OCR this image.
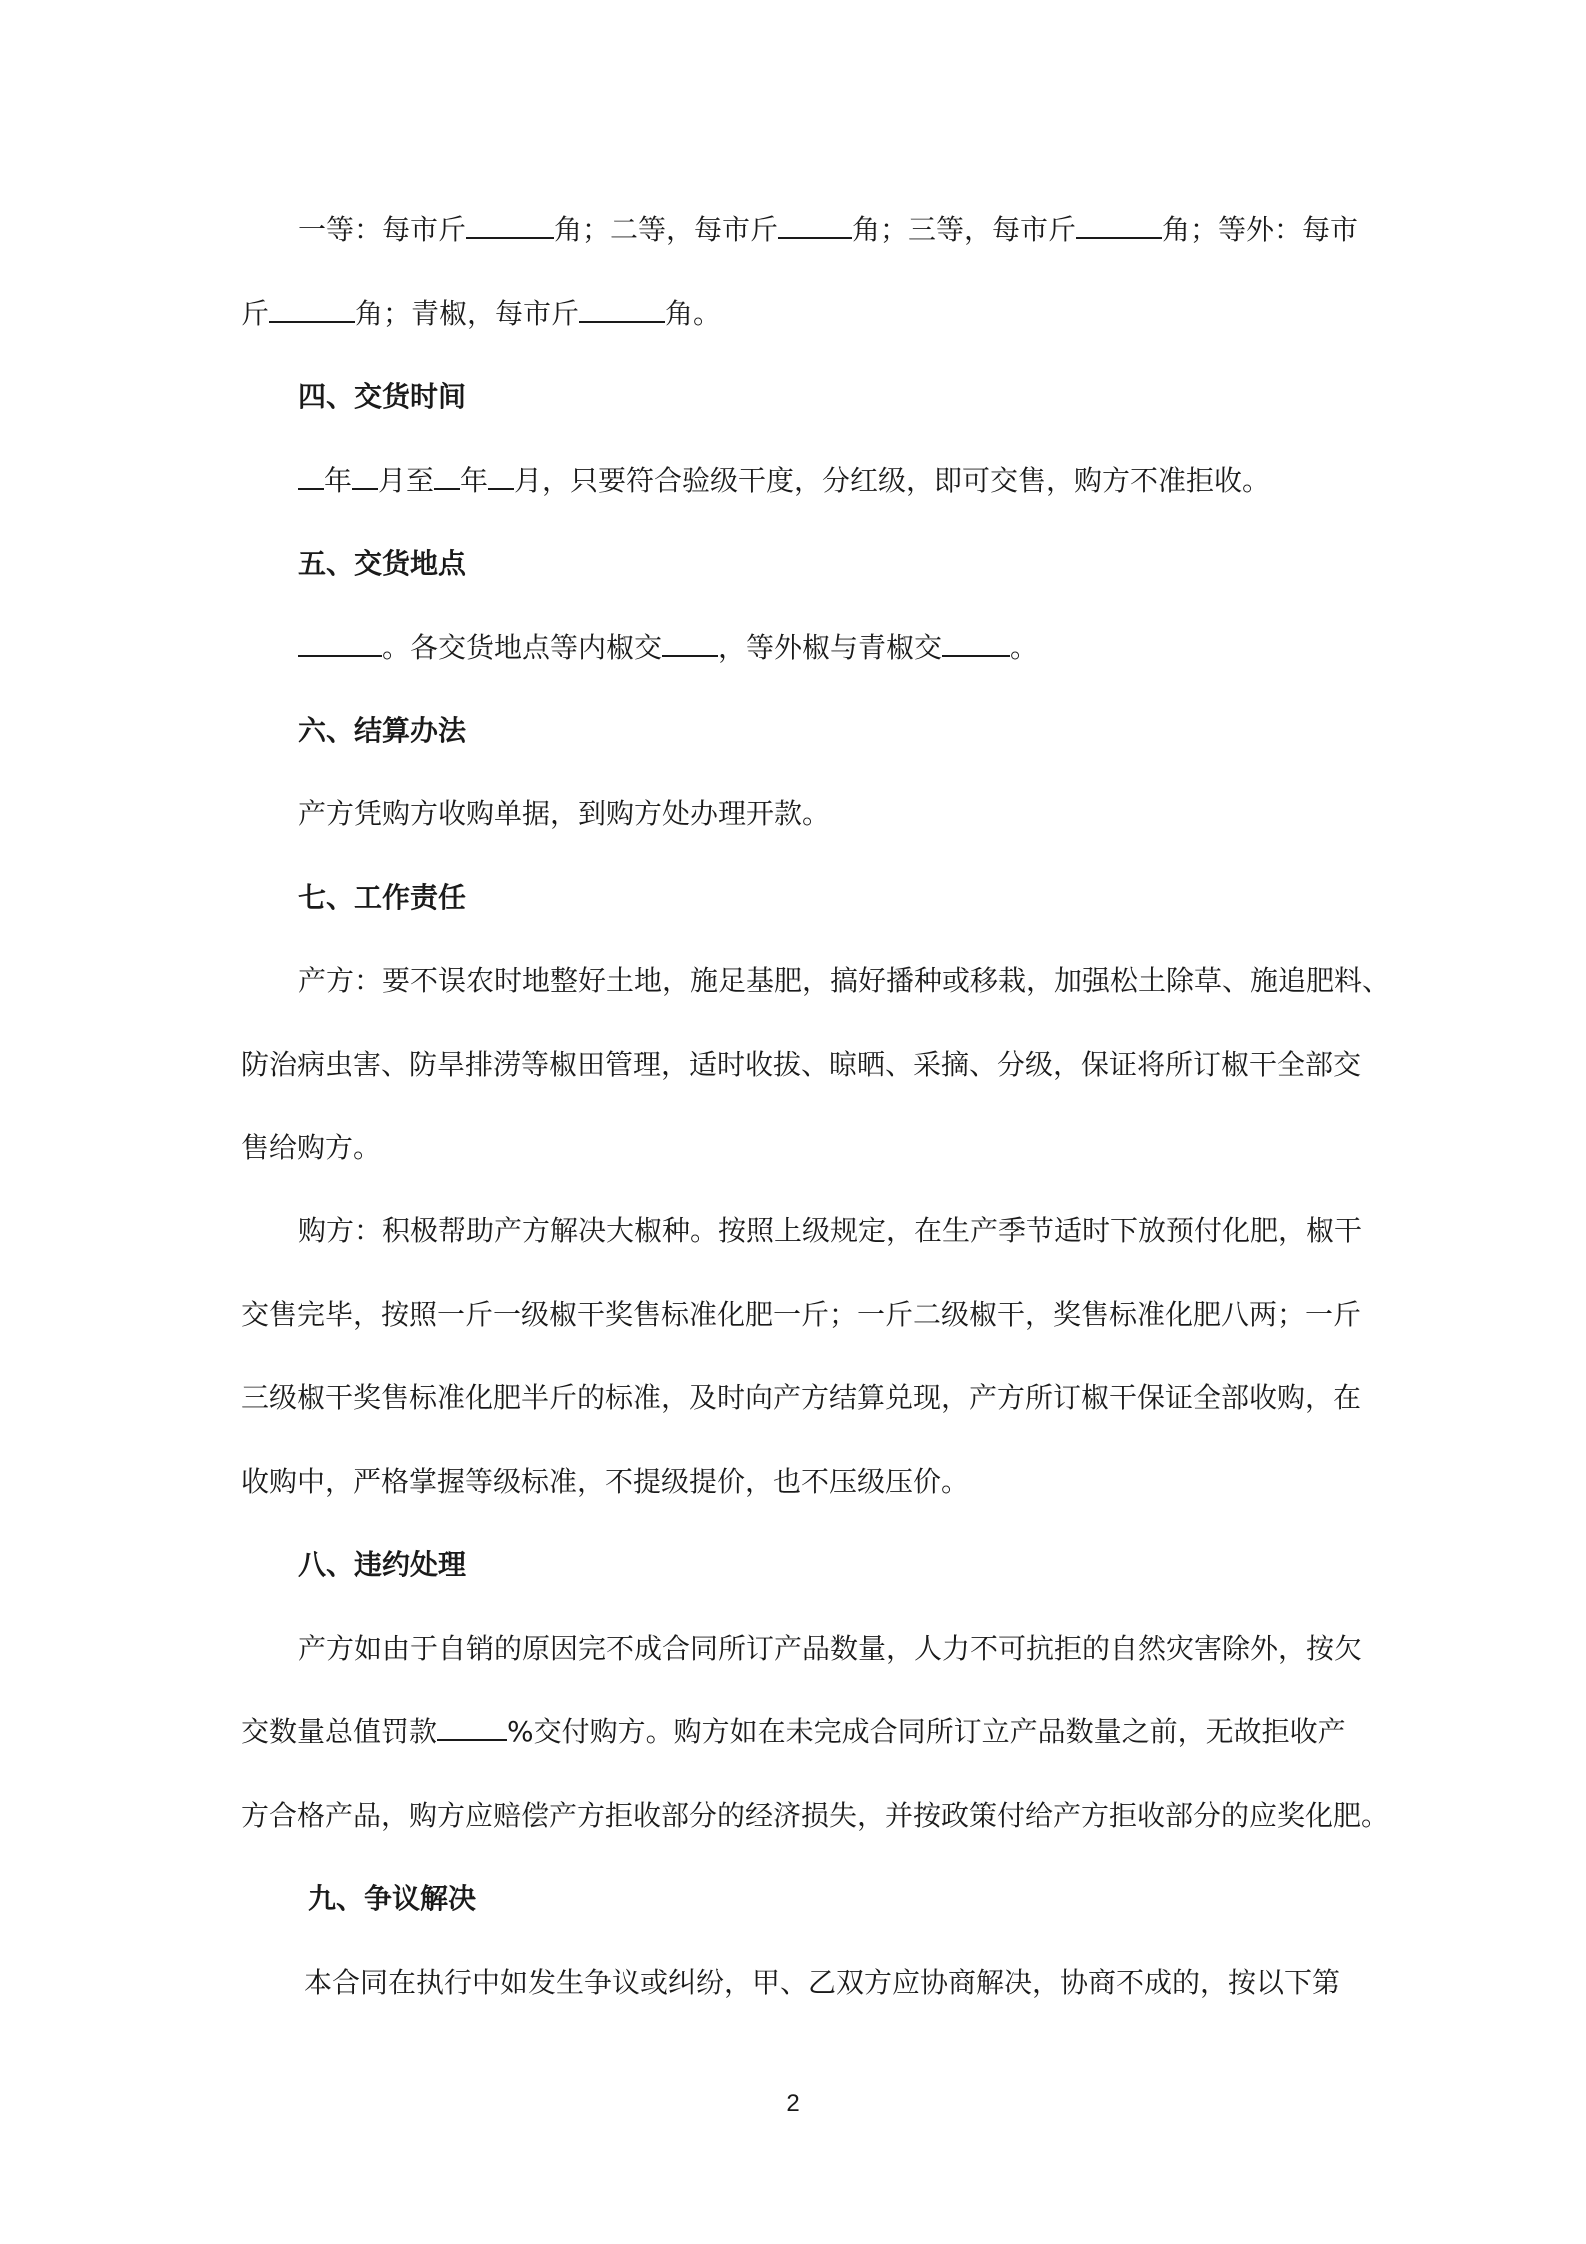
一等：每市斤	角；二等，每市斤	角；三等，每市斤	角；等外：每市
斤	角；青椒，每市斤	角。
四、交货时间
年 月至 年 月，只要符合验级干度，分红级，即可交售，购方不准拒收。
五、交货地点
。各交货地点等内椒交 ，等外椒与青椒交 。
六、结算办法
产方凭购方收购单据，到购方处办理开款。
七、工作责任
产方：要不误农时地整好土地，施足基肥，搞好播种或移栽，加强松土除草、施追肥料、
防治病虫害、防旱排涝等椒田管理，适时收拔、晾晒、采摘、分级，保证将所订椒干全部交
售给购方。
购方：积极帮助产方解决大椒种。按照上级规定，在生产季节适时下放预付化肥，椒干
交售完毕，按照一斤一级椒干奖售标准化肥一斤；一斤二级椒干，奖售标准化肥八两；一斤
三级椒干奖售标准化肥半斤的标准，及时向产方结算兑现，产方所订椒干保证全部收购，在
收购中，严格掌握等级标准，不提级提价，也不压级压价。
八、违约处理
产方如由于自销的原因完不成合同所订产品数量，人力不可抗拒的自然灾害除外，按欠
交数量总值罚款	%交付购方。购方如在未完成合同所订立产品数量之前，无故拒收产
方合格产品，购方应赔偿产方拒收部分的经济损失，并按政策付给产方拒收部分的应奖化肥。
九、争议解决
本合同在执行中如发生争议或纠纷，甲、乙双方应协商解决，协商不成的，按以下第
2
